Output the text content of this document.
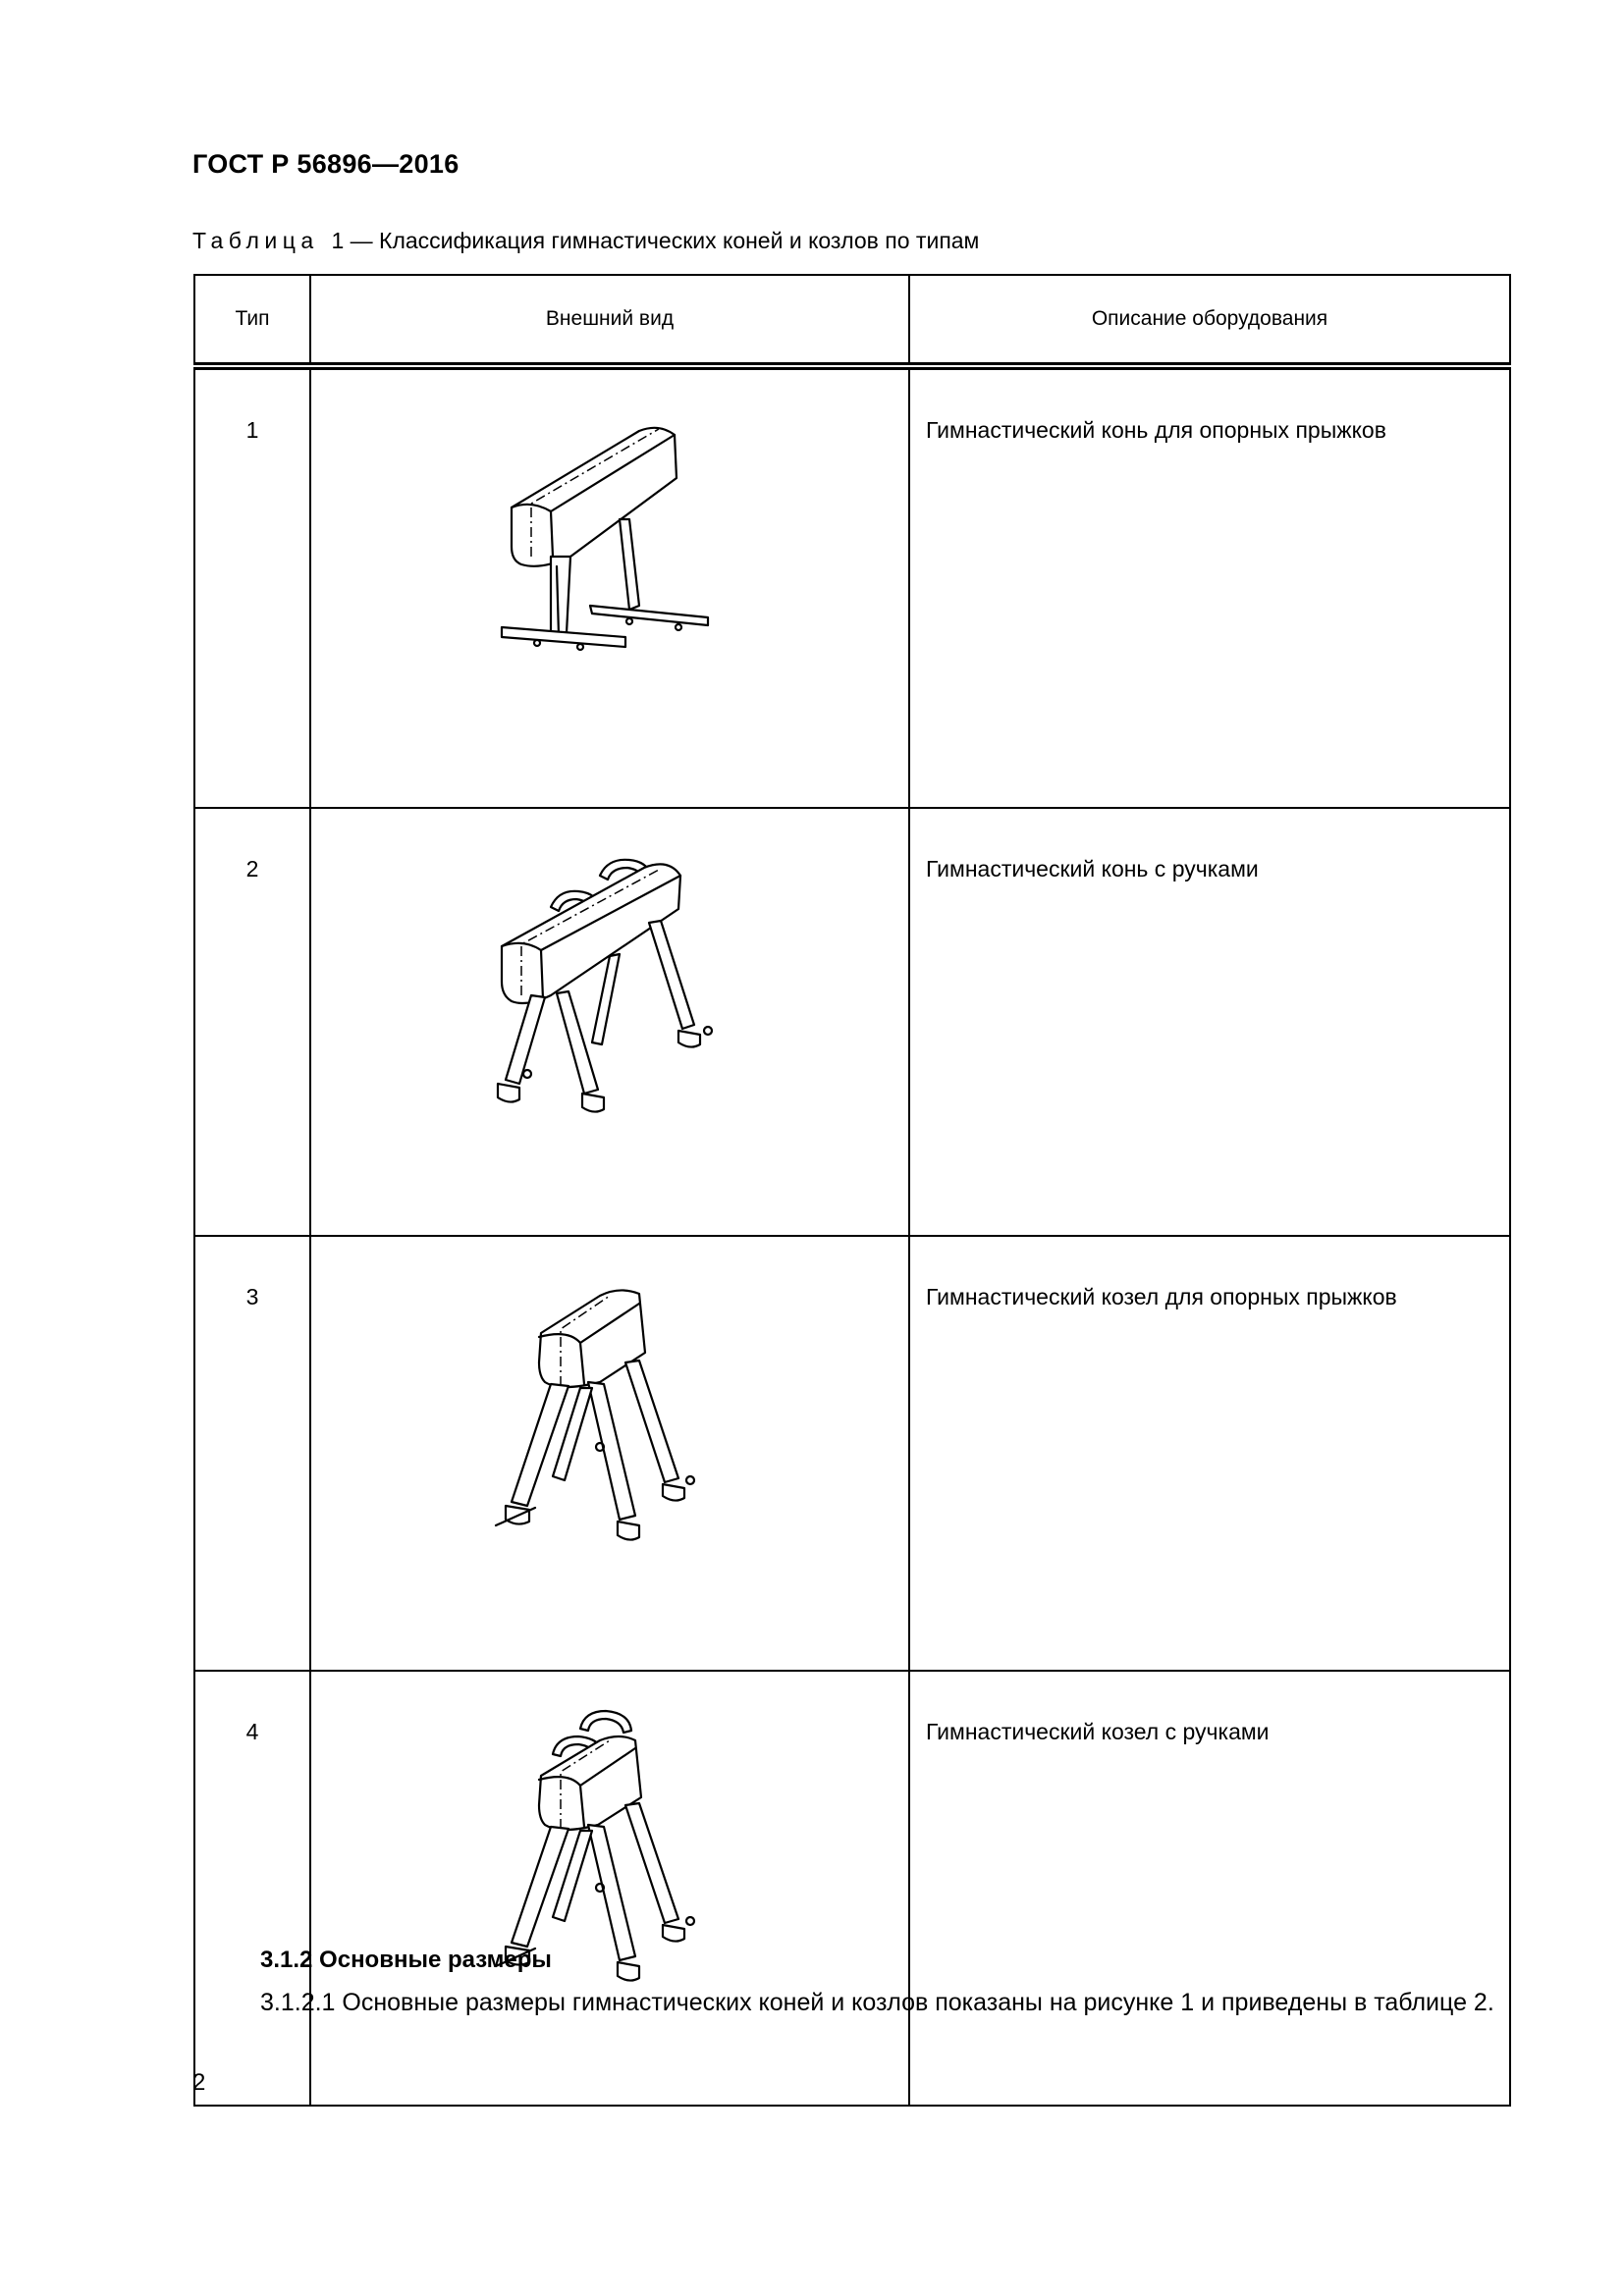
ГОСТ Р 56896—2016
Таблица 1 — Классификация гимнастических коней и козлов по типам
Тип	Внешний вид	Описание оборудования
1		Гимнастический конь для опорных прыжков
2		Гимнастический конь с ручками
3		Гимнастический козел для опорных прыжков
4		Гимнастический козел с ручками
3.1.2 Основные размеры
3.1.2.1 Основные размеры гимнастических коней и козлов показаны на рисунке 1 и приведены в таблице 2.
2
